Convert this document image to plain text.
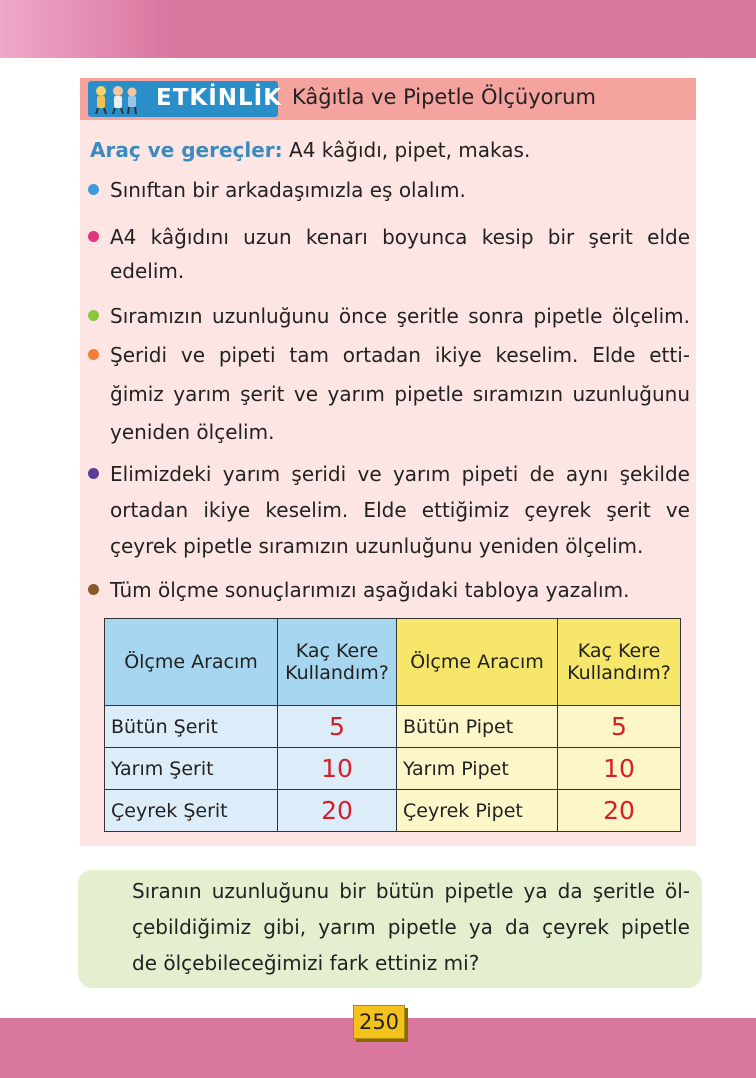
ETKİNLİK Kâğıtla ve Pipetle Ölçüyorum
Araç ve gereçler: A4 kâğıdı, pipet, makas.
Sınıftan bir arkadaşımızla eş olalım.
A4 kâğıdını uzun kenarı boyunca kesip bir şerit elde
edelim.
Sıramızın uzunluğunu önce şeritle sonra pipetle ölçelim.
Şeridi ve pipeti tam ortadan ikiye keselim. Elde etti-
ğimiz yarım şerit ve yarım pipetle sıramızın uzunluğunu
yeniden ölçelim.
Elimizdeki yarım şeridi ve yarım pipeti de aynı şekilde
ortadan ikiye keselim. Elde ettiğimiz çeyrek şerit ve
çeyrek pipetle sıramızın uzunluğunu yeniden ölçelim.
Tüm ölçme sonuçlarımızı aşağıdaki tabloya yazalım.
Ölçme Aracım	Kaç Kere Kullandım?	Ölçme Aracım	Kaç Kere Kullandım?
Bütün Şerit	5	Bütün Pipet	5
Yarım Şerit	10	Yarım Pipet	10
Çeyrek Şerit	20	Çeyrek Pipet	20
Sıranın uzunluğunu bir bütün pipetle ya da şeritle öl-
çebildiğimiz gibi, yarım pipetle ya da çeyrek pipetle
de ölçebileceğimizi fark ettiniz mi?
250
